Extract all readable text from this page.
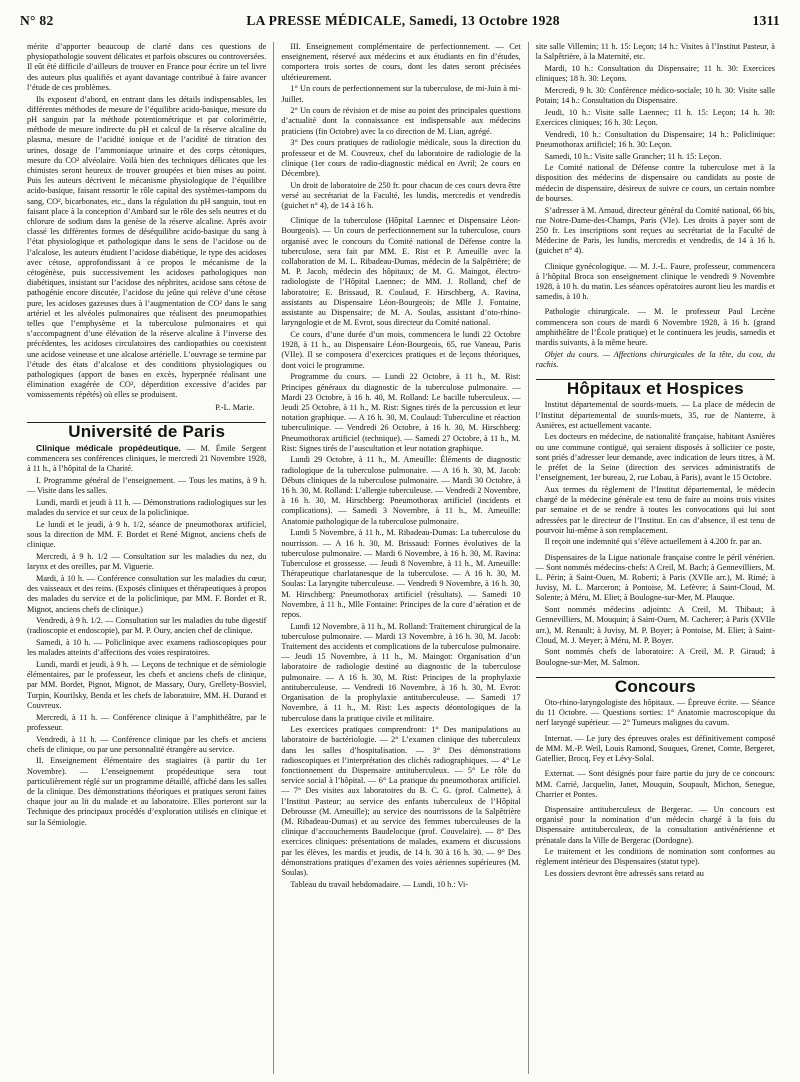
N° 82	LA PRESSE MÉDICALE, Samedi, 13 Octobre 1928	1311

mérite d’apporter beaucoup de clarté dans ces questions de physiopathologie souvent délicates et parfois obscures ou controversées. Il eût été difficile d’ailleurs de trouver en France pour écrire un tel livre des auteurs plus qualifiés et ayant davantage contribué à faire avancer l’étude de ces problèmes.

Ils exposent d’abord, en entrant dans les détails indispensables, les différentes méthodes de mesure de l’équilibre acido-basique, mesure du pH sanguin par la méthode potentiométrique et par colorimétrie, méthode de mesure indirecte du pH et calcul de la réserve alcaline du plasma, mesure de l’acidité ionique et de l’acidité de titration des urines, dosage de l’ammoniaque urinaire et des corps cétoniques, mesure du CO² alvéolaire. Voilà bien des techniques délicates que les chimistes seront heureux de trouver groupées et bien mises au point. Puis les auteurs décrivent le mécanisme physiologique de l’équilibre acido-basique, faisant ressortir le rôle capital des systèmes-tampons du sang, CO², bicarbonates, etc., dans la régulation du pH sanguin, tout en faisant place à la conception d’Ambard sur le rôle des sels neutres et du chlorure de sodium dans la genèse de la réserve alcaline. Après avoir classé les différentes formes de déséquilibre acido-basique du sang à l’état physiologique et pathologique dans le sens de l’acidose ou de l’alcalose, les auteurs étudient l’acidose diabétique, le type des acidoses avec cétose, approfondissant à ce propos le mécanisme de la cétogénèse, puis successivement les acidoses pathologiques non diabétiques, insistant sur l’acidose des néphrites, acidose sans cétose de pathogénie encore discutée, l’acidose du jeûne qui relève d’une cétose pure, les acidoses gazeuses dues à l’augmentation de CO² dans le sang artériel et les alvéoles pulmonaires que réalisent des pneumopathies telles que l’emphysème et la tuberculose pulmonaires et qui s’accompagnent d’une élévation de la réserve alcaline à l’inverse des précédentes, les acidoses circulatoires des cardiopathies ou coexistent une acidose veineuse et une alcalose artérielle. L’ouvrage se termine par l’étude des états d’alcalose et des conditions physiologiques ou pathologiques (apport de bases en excès, hyperpnée réalisant une élimination exagérée de CO², déperdition excessive d’acides par vomissements répétés) où elles se produisent.

P.-L. Marie.
Université de Paris

Clinique médicale propédeutique. — M. Émile Sergent commencera ses conférences cliniques, le mercredi 21 Novembre 1928, à 11 h., à l’hôpital de la Charité.

I. Programme général de l’enseignement. — Tous les matins, à 9 h. — Visite dans les salles.

Lundi, mardi et jeudi à 11 h. — Démonstrations radiologiques sur les malades du service et sur ceux de la policlinique.

Le lundi et le jeudi, à 9 h. 1/2, séance de pneumothorax artificiel, sous la direction de MM. F. Bordet et René Mignot, anciens chefs de clinique.

Mercredi, à 9 h. 1/2 — Consultation sur les maladies du nez, du larynx et des oreilles, par M. Viguerie.

Mardi, à 10 h. — Conférence consultation sur les maladies du cœur, des vaisseaux et des reins. (Exposés cliniques et thérapeutiques à propos des malades du service et de la policlinique, par MM. F. Bordet et R. Mignot, anciens chefs de clinique.)

Vendredi, à 9 h. 1/2. — Consultation sur les maladies du tube digestif (radioscopie et endoscopie), par M. P. Oury, ancien chef de clinique.

Samedi, à 10 h. — Policlinique avec examens radioscopiques pour les malades atteints d’affections des voies respiratoires.

Lundi, mardi et jeudi, à 9 h. — Leçons de technique et de sémiologie élémentaires, par le professeur, les chefs et anciens chefs de clinique, par MM. Bordet, Pignot, Mignot, de Massary, Oury, Grellety-Bosviel, Turpin, Kourilsky, Benda et les chefs de laboratoire, MM. H. Durand et Couvreux.

Mercredi, à 11 h. — Conférence clinique à l’amphithéâtre, par le professeur.

Vendredi, à 11 h. — Conférence clinique par les chefs et anciens chefs de clinique, ou par une personnalité étrangère au service.

II. Enseignement élémentaire des stagiaires (à partir du 1er Novembre). — L’enseignement propédeutique sera tout particulièrement réglé sur un programme détaillé, affiché dans les salles de la clinique. Des démonstrations théoriques et pratiques seront faites chaque jour au lit du malade et au laboratoire. Elles porteront sur la Technique des principaux procédés d’exploration utilisés en clinique et sur la Sémiologie.

III. Enseignement complémentaire de perfectionnement. — Cet enseignement, réservé aux médecins et aux étudiants en fin d’études, comportera trois sortes de cours, dont les dates seront précisées ultérieurement.

1° Un cours de perfectionnement sur la tuberculose, de mi-Juin à mi-Juillet.

2° Un cours de révision et de mise au point des principales questions d’actualité dont la connaissance est indispensable aux médecins praticiens (fin Octobre) avec la co direction de M. Lian, agrégé.

3° Des cours pratiques de radiologie médicale, sous la direction du professeur et de M. Couvreux, chef du laboratoire de radiologie de la clinique (1er cours de radio-diagnostic médical en Avril; 2e cours en Décembre).

Un droit de laboratoire de 250 fr. pour chacun de ces cours devra être versé au secrétariat de la Faculté, les lundis, mercredis et vendredis (guichet n° 4), de 14 à 16 h.

Clinique de la tuberculose (Hôpital Laennec et Dispensaire Léon-Bourgeois). — Un cours de perfectionnement sur la tuberculose, cours organisé avec le concours du Comité national de Défense contre la tuberculose, sera fait par MM. E. Rist et P. Ameuille avec la collaboration de M. L. Ribadeau-Dumas, médecin de la Salpêtrière; de M. P. Jacob, médecin des hôpitaux; de M. G. Maingot, électro-radiologiste de l’Hôpital Laennec; de MM. J. Rolland, chef de laboratoire; E. Brissaud, R. Coulaud, F. Hirschberg, A. Ravina, assistants au Dispensaire Léon-Bourgeois; de Mlle J. Fontaine, assistante au Dispensaire; de M. A. Soulas, assistant d’oto-rhino-laryngologie et de M. Evrot, sous directeur du Comité national.

Ce cours, d’une durée d’un mois, commencera le lundi 22 Octobre 1928, à 11 h., au Dispensaire Léon-Bourgeois, 65, rue Vaneau, Paris (VIIe). Il se composera d’exercices pratiques et de leçons théoriques, dont voici le programme.

Programme du cours. — Lundi 22 Octobre, à 11 h., M. Rist: Principes généraux du diagnostic de la tuberculose pulmonaire. — Mardi 23 Octobre, à 16 h. 40, M. Rolland: Le bacille tuberculeux. — Jeudi 25 Octobre, à 11 h., M. Rist: Signes tirés de la percussion et leur notation graphique. — A 16 h. 30, M. Coulaud: Tuberculine et réaction tuberculinique. — Vendredi 26 Octobre, à 16 h. 30, M. Hirschberg: Pneumothorax artificiel (technique). — Samedi 27 Octobre, à 11 h., M. Rist: Signes tirés de l’auscultation et leur notation graphique.

Lundi 29 Octobre, à 11 h., M. Ameuille: Éléments de diagnostic radiologique de la tuberculose pulmonaire. — A 16 h. 30, M. Jacob: Débuts cliniques de la tuberculose pulmonaire. — Mardi 30 Octobre, à 16 h. 30, M. Rolland: L’allergie tuberculeuse. — Vendredi 2 Novembre, à 16 h. 30, M. Hirschberg: Pneumothorax artificiel (incidents et complications). — Samedi 3 Novembre, à 11 h., M. Ameuille: Anatomie pathologique de la tuberculose pulmonaire.

Lundi 5 Novembre, à 11 h., M. Ribadeau-Dumas: La tuberculose du nourrisson. — A 16 h. 30, M. Brissaud: Formes évolutives de la tuberculose pulmonaire. — Mardi 6 Novembre, à 16 h. 30, M. Ravina: Tuberculose et grossesse. — Jeudi 8 Novembre, à 11 h., M. Ameuille: Thérapeutique charlatanesque de la tuberculose. — A 16 h. 30, M. Soulas: La laryngite tuberculeuse. — Vendredi 9 Novembre, à 16 h. 30, M. Hirschberg: Pneumothorax artificiel (résultats). — Samedi 10 Novembre, à 11 h., Mlle Fontaine: Principes de la cure d’aération et de repos.

Lundi 12 Novembre, à 11 h., M. Rolland: Traitement chirurgical de la tuberculose pulmonaire. — Mardi 13 Novembre, à 16 h. 30, M. Jacob: Traitement des accidents et complications de la tuberculose pulmonaire. — Jeudi 15 Novembre, à 11 h., M. Maingot: Organisation d’un laboratoire de radiologie destiné au diagnostic de la tuberculose pulmonaire. — A 16 h. 30, M. Rist: Principes de la prophylaxie antituberculeuse. — Vendredi 16 Novembre, à 16 h. 30, M. Evrot: Organisation de la prophylaxie antituberculeuse. — Samedi 17 Novembre, à 11 h., M. Rist: Les aspects déontologiques de la tuberculose dans la pratique civile et militaire.

Les exercices pratiques comprendront: 1° Des manipulations au laboratoire de bactériologie. — 2° L’examen clinique des tuberculeux dans les salles d’hospitalisation. — 3° Des démonstrations radioscopiques et l’interprétation des clichés radiographiques. — 4° Le fonctionnement du Dispensaire antituberculeux. — 5° Le rôle du service social à l’hôpital. — 6° La pratique du pneumothorax artificiel. — 7° Des visites aux laboratoires du B. C. G. (prof. Calmette), à l’Institut Pasteur; au service des enfants tuberculeux de l’Hôpital Debrousse (M. Ameuille); au service des nourrissons de la Salpêtrière (M. Ribadeau-Dumas) et au service des femmes tuberculeuses de la clinique d’accouchements Baudelocque (prof. Couvelaire). — 8° Des exercices cliniques: présentations de malades, examens et discussions par les élèves, les mardis et jeudis, de 14 h. 30 à 16 h. 30. — 9° Des démonstrations pratiques d’examen des voies aériennes supérieures (M. Soulas).

Tableau du travail hebdomadaire. — Lundi, 10 h.: Vi-

site salle Villemin; 11 h. 15: Leçon; 14 h.: Visites à l’Institut Pasteur, à la Salpêtrière, à la Maternité, etc.

Mardi, 10 h.: Consultation du Dispensaire; 11 h. 30: Exercices cliniques; 18 h. 30: Leçons.

Mercredi, 9 h. 30: Conférence médico-sociale; 10 h. 30: Visite salle Potain; 14 h.: Consultation du Dispensaire.

Jeudi, 10 h.: Visite salle Laennec; 11 h. 15: Leçon; 14 h. 30: Exercices cliniques; 16 h. 30: Leçon.

Vendredi, 10 h.: Consultation du Dispensaire; 14 h.: Policlinique: Pneumothorax artificiel; 16 h. 30: Leçon.

Samedi, 10 h.: Visite salle Grancher; 11 h. 15: Leçon.

Le Comité national de Défense contre la tuberculose met à la disposition des médecins de dispensaire ou candidats au poste de médecin de dispensaire, désireux de suivre ce cours, un certain nombre de bourses.

S’adresser à M. Arnaud, directeur général du Comité national, 66 bis, rue Notre-Dame-des-Champs, Paris (VIe). Les droits à payer sont de 250 fr. Les inscriptions sont reçues au secrétariat de la Faculté de Médecine de Paris, les lundis, mercredis et vendredis, de 14 à 16 h. (guichet n° 4).

Clinique gynécologique. — M. J.-L. Faure, professeur, commencera à l’hôpital Broca son enseignement clinique le vendredi 9 Novembre 1928, à 10 h. du matin. Les séances opératoires auront lieu les mardis et samedis, à 10 h.

Pathologie chirurgicale. — M. le professeur Paul Lecène commencera son cours de mardi 6 Novembre 1928, à 16 h. (grand amphithéâtre de l’École pratique) et le continuera les jeudis, samedis et mardis suivants, à la même heure.

Objet du cours. — Affections chirurgicales de la tête, du cou, du rachis.

Hôpitaux et Hospices

Institut départemental de sourds-muets. — La place de médecin de l’Institut départemental de sourds-muets, 35, rue de Nanterre, à Asnières, est actuellement vacante.

Les docteurs en médecine, de nationalité française, habitant Asnières ou une commune contiguë, qui seraient disposés à solliciter ce poste, sont priés d’adresser leur demande, avec indication de leurs titres, à M. le préfet de la Seine (direction des services administratifs de l’enseignement, 1er bureau, 2, rue Lobau, à Paris), avant le 15 Octobre.

Aux termes du règlement de l’Institut départemental, le médecin chargé de la médecine générale est tenu de faire au moins trois visites par semaine et de se rendre à toutes les convocations qui lui sont adressées par le directeur de l’Institut. En cas d’absence, il est tenu de pourvoir lui-même à son remplacement.

Il reçoit une indemnité qui s’élève actuellement à 4.200 fr. par an.

Dispensaires de la Ligue nationale française contre le péril vénérien. — Sont nommés médecins-chefs: A Creil, M. Bach; à Gennevilliers, M. L. Périn; à Saint-Ouen, M. Roberti; à Paris (XVIIe arr.), M. Rimé; à Juvisy, M. L. Marceron; à Pontoise, M. Lefèvre; à Saint-Cloud, M. Solente; à Méru, M. Eliet; à Boulogne-sur-Mer, M. Plauque.

Sont nommés médecins adjoints: A Creil, M. Thibaut; à Gennevilliers, M. Mouquin; à Saint-Ouen, M. Cacherer; à Paris (XVIIe arr.), M. Renault; à Juvisy, M. P. Boyer; à Pontoise, M. Eliet; à Saint-Cloud, M. J. Meyer; à Méru, M. P. Boyer.

Sont nommés chefs de laboratoire: A Creil, M. P. Giraud; à Boulogne-sur-Mer, M. Salmon.

Concours

Oto-rhino-laryngologiste des hôpitaux. — Épreuve écrite. — Séance du 11 Octobre. — Questions sorties: 1° Anatomie macroscopique du nerf laryngé supérieur. — 2° Tumeurs malignes du cavum.

Internat. — Le jury des épreuves orales est définitivement composé de MM. M.-P. Weil, Louis Ramond, Souques, Grenet, Comte, Bergeret, Gatellier, Brocq, Fey et Lévy-Solal.

Externat. — Sont désignés pour faire partie du jury de ce concours: MM. Carrié, Jacquelin, Janet, Mouquin, Soupault, Michon, Senegue, Charrier et Pontes.

Dispensaire antituberculeux de Bergerac. — Un concours est organisé pour la nomination d’un médecin chargé à la fois du Dispensaire antituberculeux, de la consultation antivénérienne et prénatale dans la Ville de Bergerac (Dordogne).

Le traitement et les conditions de nomination sont conformes au règlement intérieur des Dispensaires (statut type).

Les dossiers devront être adressés sans retard au
